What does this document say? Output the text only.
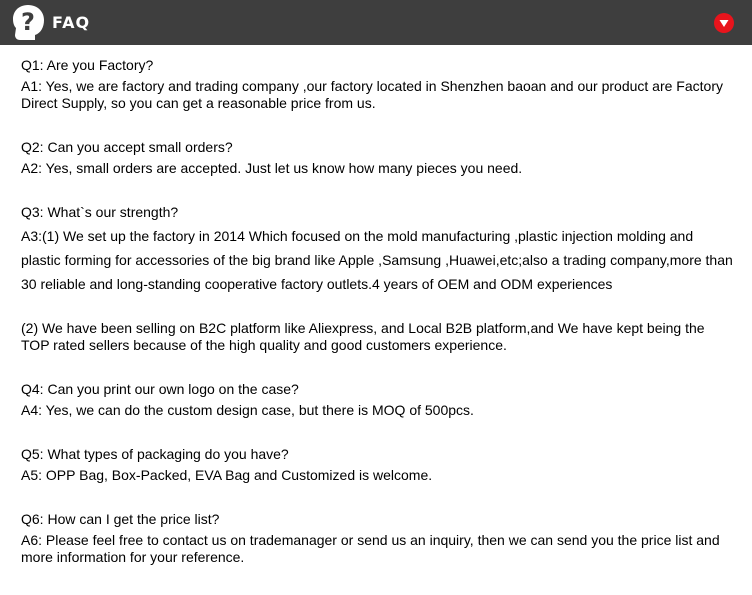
? FAQ

Q1: Are you Factory?

A1: Yes, we are factory and trading company ,our factory located in Shenzhen baoan and our product are Factory Direct Supply, so you can get a reasonable price from us.

Q2: Can you accept small orders?

A2: Yes, small orders are accepted. Just let us know how many pieces you need.

Q3: What`s our strength?

A3:(1) We set up the factory in 2014 Which focused on the mold manufacturing ,plastic injection molding and plastic forming for accessories of the big brand like Apple ,Samsung ,Huawei,etc;also a trading company,more than 30 reliable and long-standing cooperative factory outlets.4 years of OEM and ODM experiences

(2) We have been selling on B2C platform like Aliexpress, and Local B2B platform,and We have kept being the TOP rated sellers because of the high quality and good customers experience.

Q4: Can you print our own logo on the case?

A4: Yes, we can do the custom design case, but there is MOQ of 500pcs.

Q5: What types of packaging do you have?

A5: OPP Bag, Box-Packed, EVA Bag and Customized is welcome.

Q6: How can I get the price list?

A6: Please feel free to contact us on trademanager or send us an inquiry, then we can send you the price list and more information for your reference.
